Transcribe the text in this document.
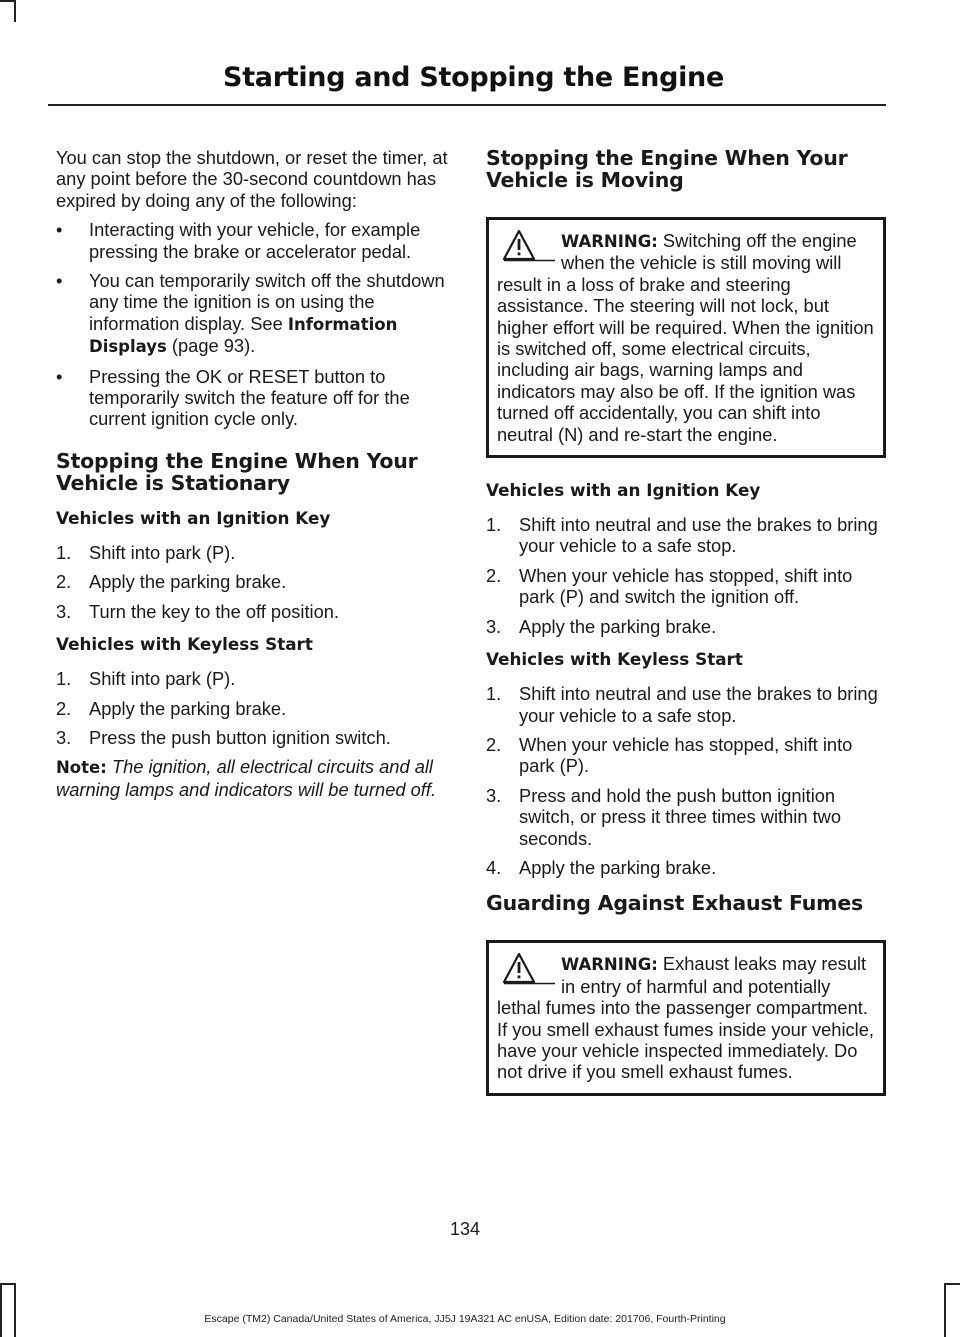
Starting and Stopping the Engine

You can stop the shutdown, or reset the timer, at any point before the 30-second countdown has expired by doing any of the following:

• Interacting with your vehicle, for example pressing the brake or accelerator pedal.
• You can temporarily switch off the shutdown any time the ignition is on using the information display. See Information Displays (page 93).
• Pressing the OK or RESET button to temporarily switch the feature off for the current ignition cycle only.
Stopping the Engine When Your Vehicle is Stationary
Vehicles with an Ignition Key
1. Shift into park (P).
2. Apply the parking brake.
3. Turn the key to the off position.
Vehicles with Keyless Start
1. Shift into park (P).
2. Apply the parking brake.
3. Press the push button ignition switch.

Note: The ignition, all electrical circuits and all warning lamps and indicators will be turned off.

Stopping the Engine When Your Vehicle is Moving
WARNING: Switching off the engine when the vehicle is still moving will result in a loss of brake and steering assistance. The steering will not lock, but higher effort will be required. When the ignition is switched off, some electrical circuits, including air bags, warning lamps and indicators may also be off. If the ignition was turned off accidentally, you can shift into neutral (N) and re-start the engine.
Vehicles with an Ignition Key
1. Shift into neutral and use the brakes to bring your vehicle to a safe stop.
2. When your vehicle has stopped, shift into park (P) and switch the ignition off.
3. Apply the parking brake.
Vehicles with Keyless Start
1. Shift into neutral and use the brakes to bring your vehicle to a safe stop.
2. When your vehicle has stopped, shift into park (P).
3. Press and hold the push button ignition switch, or press it three times within two seconds.
4. Apply the parking brake.
Guarding Against Exhaust Fumes
WARNING: Exhaust leaks may result in entry of harmful and potentially lethal fumes into the passenger compartment. If you smell exhaust fumes inside your vehicle, have your vehicle inspected immediately. Do not drive if you smell exhaust fumes.
134
Escape (TM2) Canada/United States of America, JJ5J 19A321 AC enUSA, Edition date: 201706, Fourth-Printing
